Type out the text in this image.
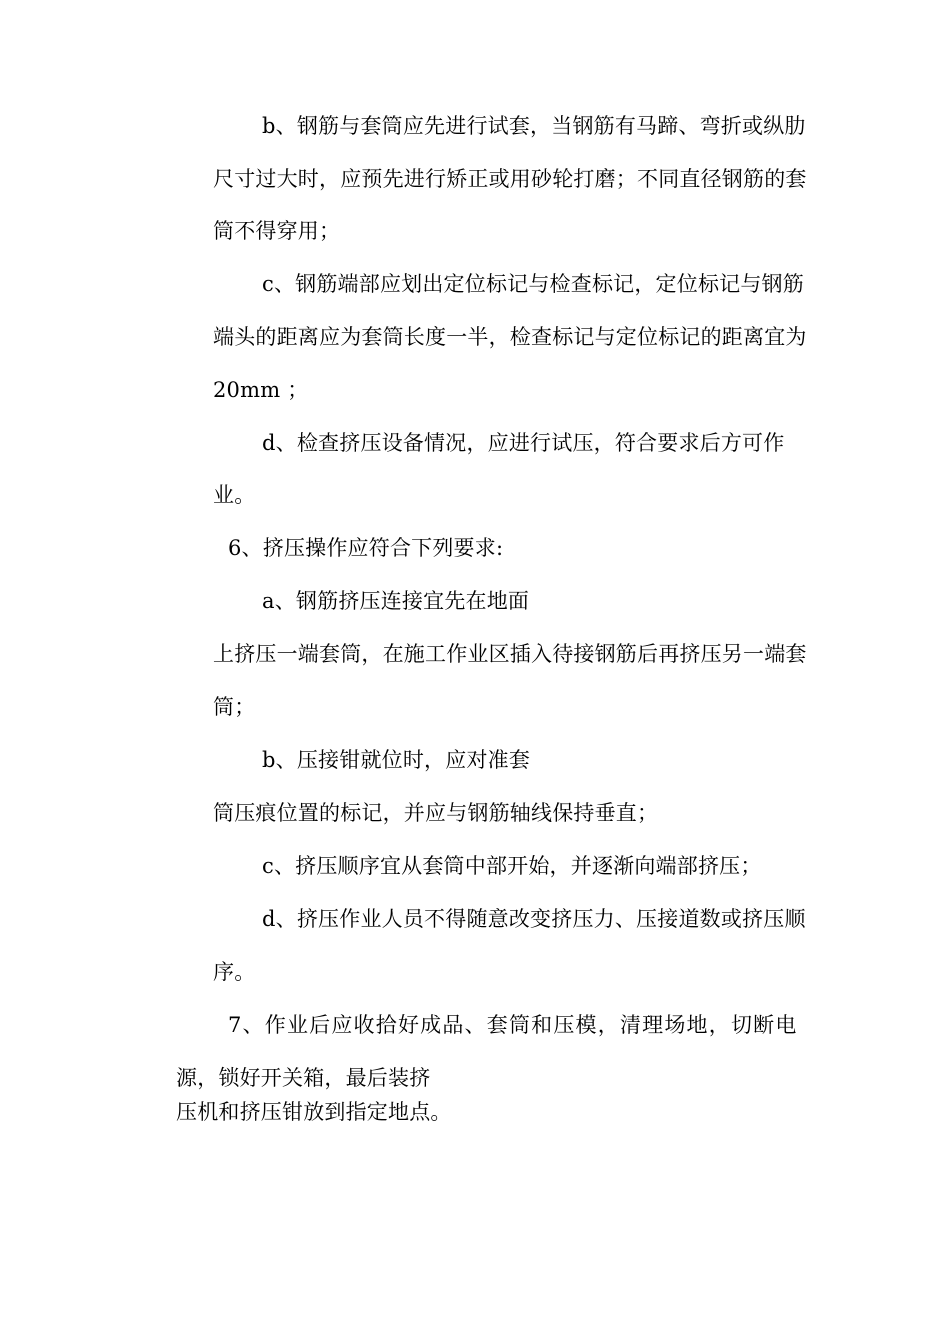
b、钢筋与套筒应先进行试套，当钢筋有马蹄、弯折或纵肋
尺寸过大时，应预先进行矫正或用砂轮打磨；不同直径钢筋的套
筒不得穿用；
c、钢筋端部应划出定位标记与检查标记，定位标记与钢筋
端头的距离应为套筒长度一半，检查标记与定位标记的距离宜为
20mm ；
d、检查挤压设备情况，应进行试压，符合要求后方可作
业。
6、挤压操作应符合下列要求:
a、钢筋挤压连接宜先在地面
上挤压一端套筒，在施工作业区插入待接钢筋后再挤压另一端套
筒；
b、压接钳就位时，应对准套
筒压痕位置的标记，并应与钢筋轴线保持垂直；
c、挤压顺序宜从套筒中部开始，并逐渐向端部挤压；
d、挤压作业人员不得随意改变挤压力、压接道数或挤压顺
序。
7、作业后应收拾好成品、套筒和压模，清理场地，切断电
源，锁好开关箱，最后装挤
压机和挤压钳放到指定地点。
